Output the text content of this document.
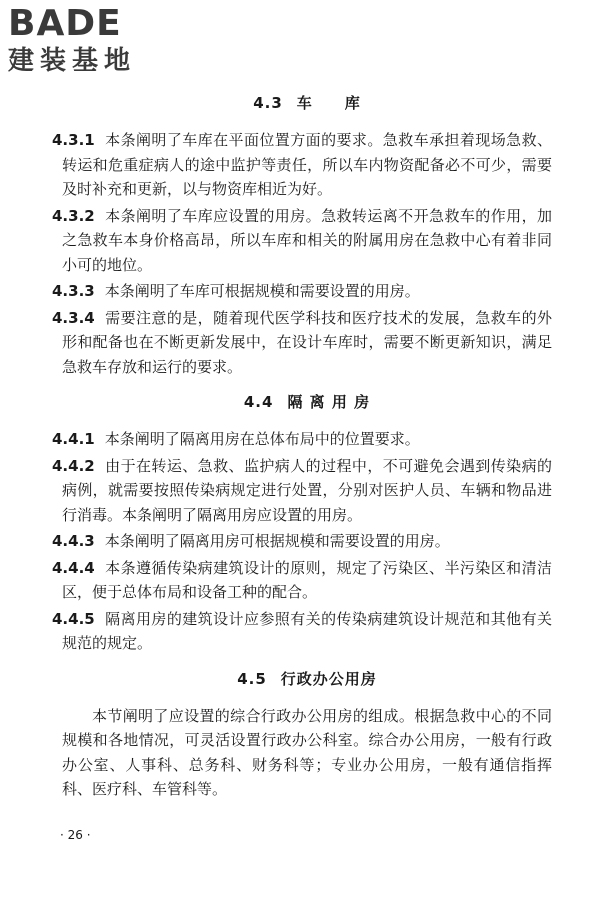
BADE
建装基地
4.3 车　　库

4.3.1 本条阐明了车库在平面位置方面的要求。急救车承担着现场急救、转运和危重症病人的途中监护等责任，所以车内物资配备必不可少，需要及时补充和更新，以与物资库相近为好。

4.3.2 本条阐明了车库应设置的用房。急救转运离不开急救车的作用，加之急救车本身价格高昂，所以车库和相关的附属用房在急救中心有着非同小可的地位。

4.3.3 本条阐明了车库可根据规模和需要设置的用房。

4.3.4 需要注意的是，随着现代医学科技和医疗技术的发展，急救车的外形和配备也在不断更新发展中，在设计车库时，需要不断更新知识，满足急救车存放和运行的要求。

4.4 隔 离 用 房

4.4.1 本条阐明了隔离用房在总体布局中的位置要求。

4.4.2 由于在转运、急救、监护病人的过程中，不可避免会遇到传染病的病例，就需要按照传染病规定进行处置，分别对医护人员、车辆和物品进行消毒。本条阐明了隔离用房应设置的用房。

4.4.3 本条阐明了隔离用房可根据规模和需要设置的用房。

4.4.4 本条遵循传染病建筑设计的原则，规定了污染区、半污染区和清洁区，便于总体布局和设备工种的配合。

4.4.5 隔离用房的建筑设计应参照有关的传染病建筑设计规范和其他有关规范的规定。

4.5 行政办公用房

本节阐明了应设置的综合行政办公用房的组成。根据急救中心的不同规模和各地情况，可灵活设置行政办公科室。综合办公用房，一般有行政办公室、人事科、总务科、财务科等；专业办公用房，一般有通信指挥科、医疗科、车管科等。

· 26 ·
